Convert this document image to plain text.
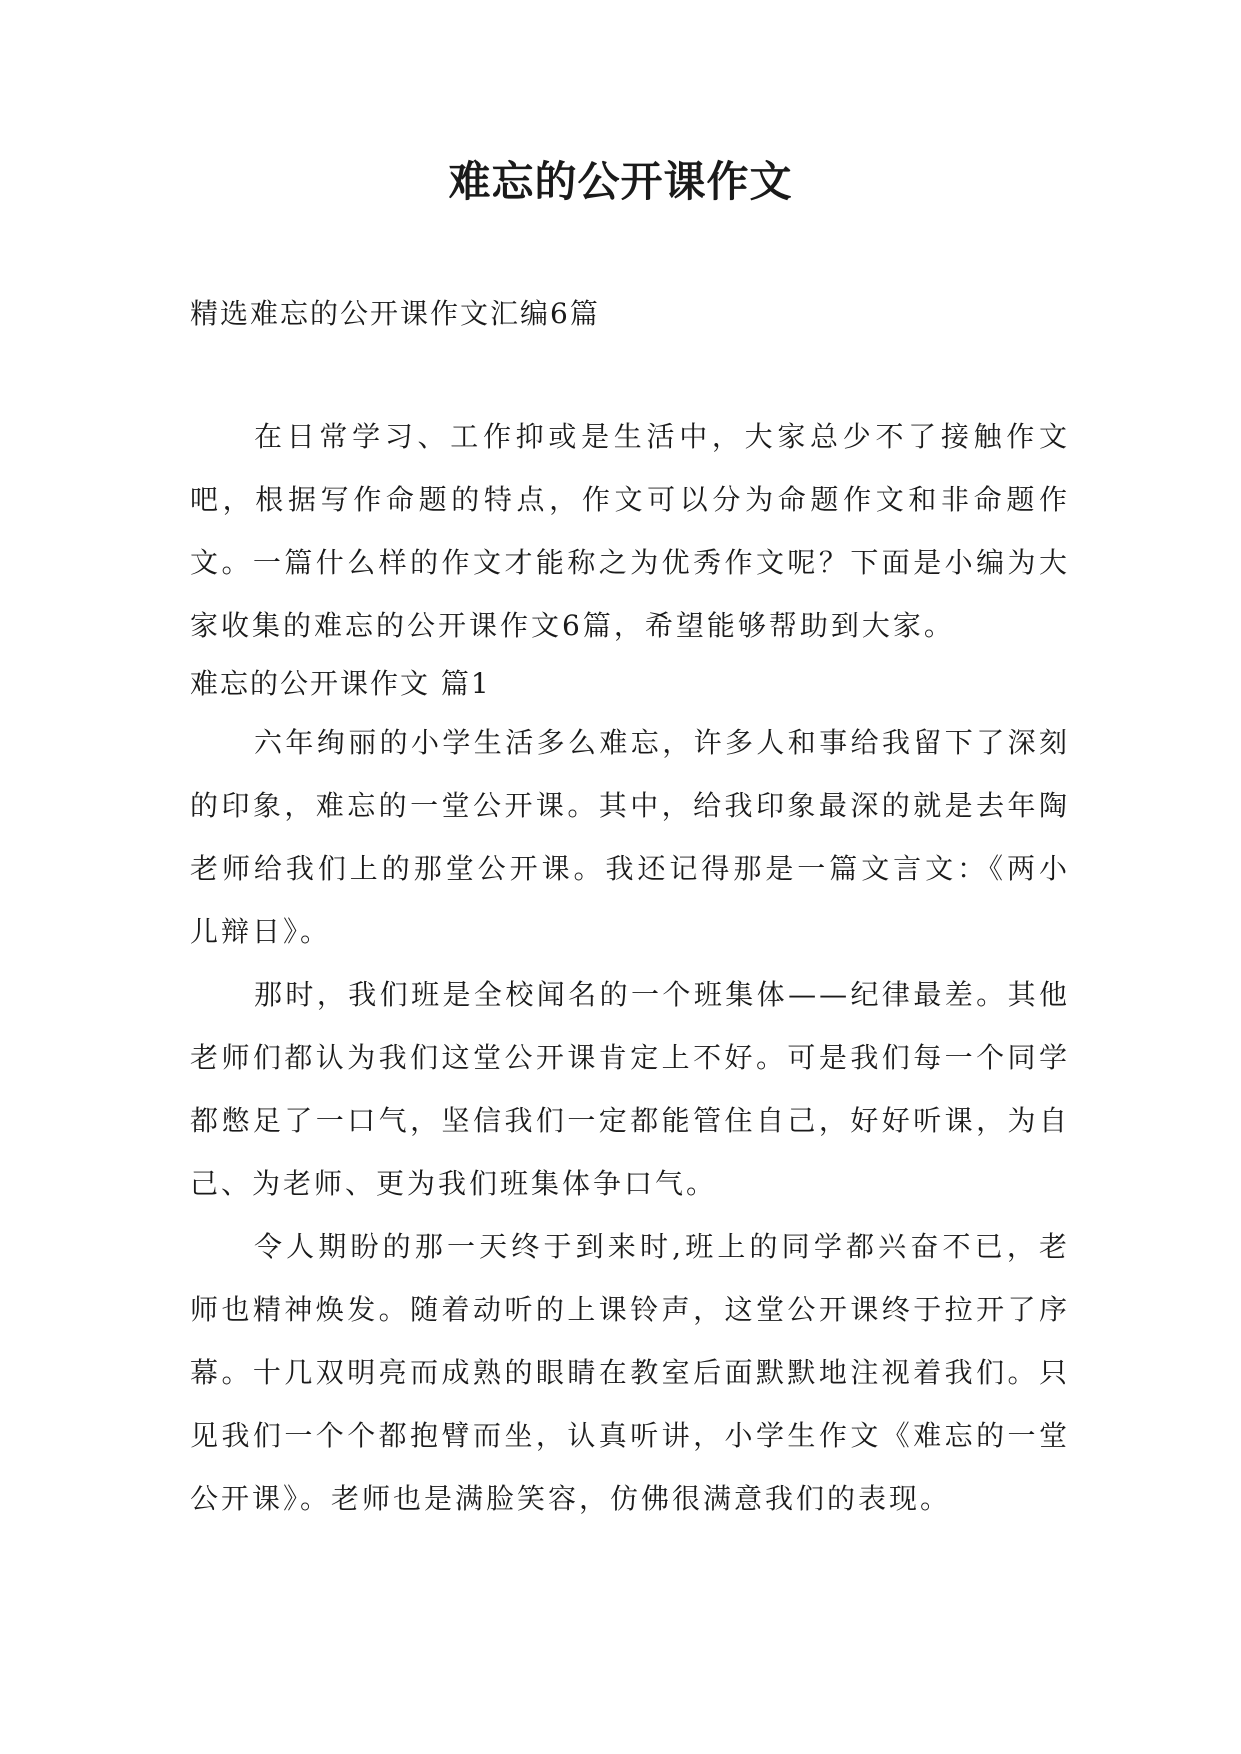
难忘的公开课作文
精选难忘的公开课作文汇编6篇

在日常学习、工作抑或是生活中，大家总少不了接触作文吧，根据写作命题的特点，作文可以分为命题作文和非命题作文。一篇什么样的作文才能称之为优秀作文呢？下面是小编为大家收集的难忘的公开课作文6篇，希望能够帮助到大家。

难忘的公开课作文 篇1

六年绚丽的小学生活多么难忘，许多人和事给我留下了深刻的印象，难忘的一堂公开课。其中，给我印象最深的就是去年陶老师给我们上的那堂公开课。我还记得那是一篇文言文：《两小儿辩日》。

那时，我们班是全校闻名的一个班集体——纪律最差。其他老师们都认为我们这堂公开课肯定上不好。可是我们每一个同学都憋足了一口气，坚信我们一定都能管住自己，好好听课，为自己、为老师、更为我们班集体争口气。

令人期盼的那一天终于到来时,班上的同学都兴奋不已，老师也精神焕发。随着动听的上课铃声，这堂公开课终于拉开了序幕。十几双明亮而成熟的眼睛在教室后面默默地注视着我们。只见我们一个个都抱臂而坐，认真听讲，小学生作文《难忘的一堂公开课》。老师也是满脸笑容，仿佛很满意我们的表现。
